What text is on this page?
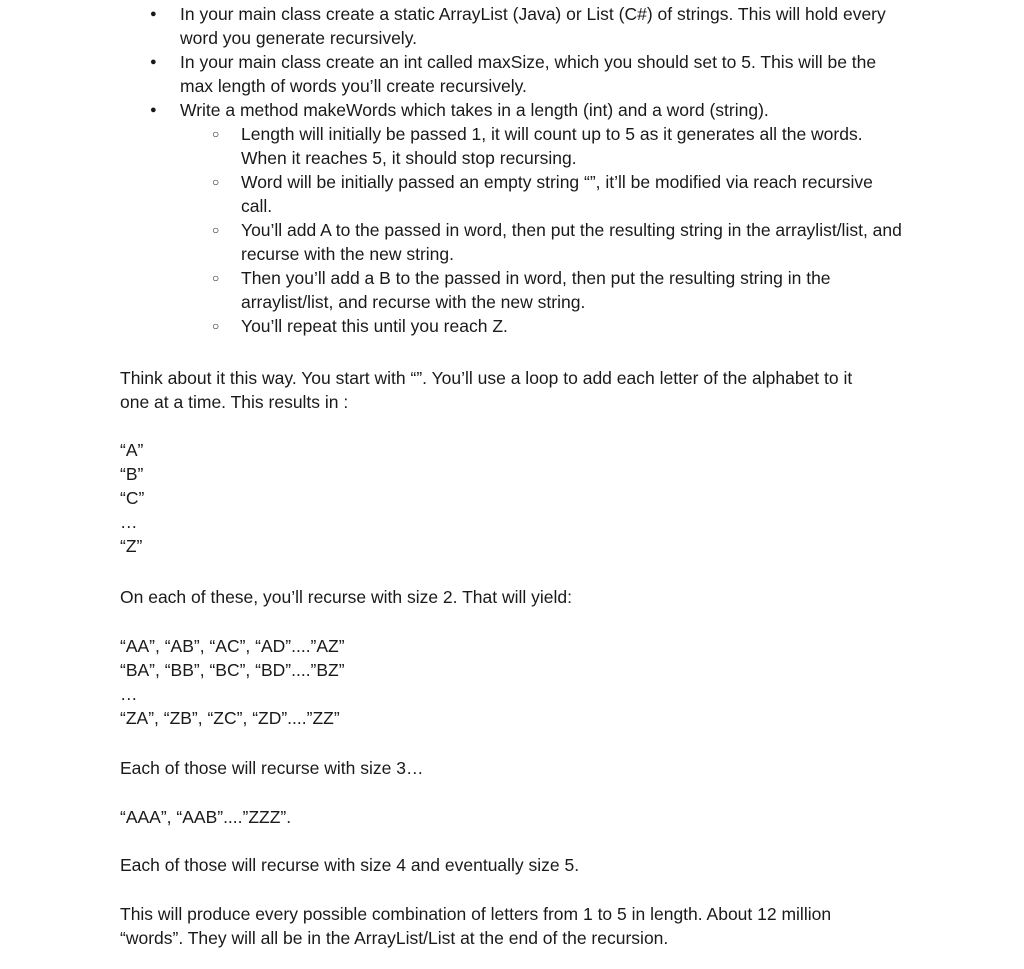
● In your main class create a static ArrayList (Java) or List (C#) of strings. This will hold every word you generate recursively.
● In your main class create an int called maxSize, which you should set to 5. This will be the max length of words you’ll create recursively.
● Write a method makeWords which takes in a length (int) and a word (string).
○ Length will initially be passed 1, it will count up to 5 as it generates all the words. When it reaches 5, it should stop recursing.
○ Word will be initially passed an empty string “”, it’ll be modified via reach recursive call.
○ You’ll add A to the passed in word, then put the resulting string in the arraylist/list, and recurse with the new string.
○ Then you’ll add a B to the passed in word, then put the resulting string in the arraylist/list, and recurse with the new string.
○ You’ll repeat this until you reach Z.

Think about it this way. You start with “”. You’ll use a loop to add each letter of the alphabet to it

one at a time. This results in :

“A”

“B”

“C”

…

“Z”

On each of these, you’ll recurse with size 2. That will yield:

“AA”, “AB”, “AC”, “AD”....”AZ”

“BA”, “BB”, “BC”, “BD”....”BZ”

…

“ZA”, “ZB”, “ZC”, “ZD”....”ZZ”

Each of those will recurse with size 3…

“AAA”, “AAB”....”ZZZ”.

Each of those will recurse with size 4 and eventually size 5.

This will produce every possible combination of letters from 1 to 5 in length. About 12 million

“words”. They will all be in the ArrayList/List at the end of the recursion.
